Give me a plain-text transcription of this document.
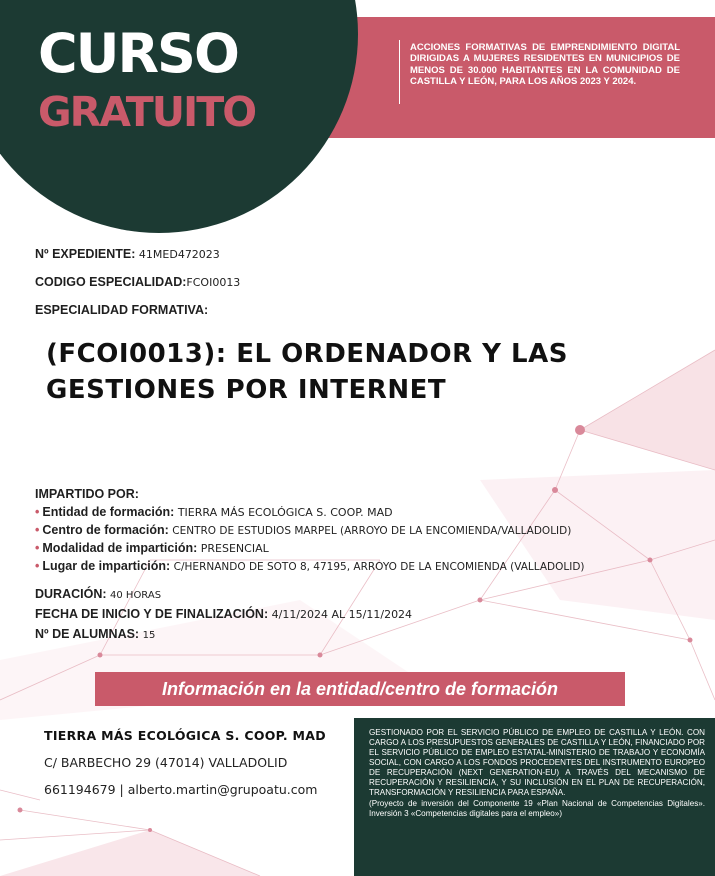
CURSO
GRATUITO
ACCIONES FORMATIVAS DE EMPRENDIMIENTO DIGITAL DIRIGIDAS A MUJERES RESIDENTES EN MUNICIPIOS DE MENOS DE 30.000 HABITANTES EN LA COMUNIDAD DE CASTILLA Y LEÓN, PARA LOS AÑOS 2023 Y 2024.
Nº EXPEDIENTE: 41MED472023
CODIGO ESPECIALIDAD:FCOI0013
ESPECIALIDAD FORMATIVA:
(FCOI0013): EL ORDENADOR Y LAS
GESTIONES POR INTERNET
IMPARTIDO POR:
• Entidad de formación: TIERRA MÁS ECOLÓGICA S. COOP. MAD
• Centro de formación: CENTRO DE ESTUDIOS MARPEL (ARROYO DE LA ENCOMIENDA/VALLADOLID)
• Modalidad de impartición: PRESENCIAL
• Lugar de impartición: C/HERNANDO DE SOTO 8, 47195, ARROYO DE LA ENCOMIENDA (VALLADOLID)
DURACIÓN: 40 HORAS
FECHA DE INICIO Y DE FINALIZACIÓN: 4/11/2024 AL 15/11/2024
Nº DE ALUMNAS: 15
Información en la entidad/centro de formación
TIERRA MÁS ECOLÓGICA S. COOP. MAD
C/ BARBECHO 29 (47014) VALLADOLID
661194679 | alberto.martin@grupoatu.com
GESTIONADO POR EL SERVICIO PÚBLICO DE EMPLEO DE CASTILLA Y LEÓN. CON CARGO A LOS PRESUPUESTOS GENERALES DE CASTILLA Y LEÓN, FINANCIADO POR EL SERVICIO PÚBLICO DE EMPLEO ESTATAL-MINISTERIO DE TRABAJO Y ECONOMÍA SOCIAL, CON CARGO A LOS FONDOS PROCEDENTES DEL INSTRUMENTO EUROPEO DE RECUPERACIÓN (NEXT GENERATION-EU) A TRAVÉS DEL MECANISMO DE RECUPERACIÓN Y RESILIENCIA, Y SU INCLUSIÓN EN EL PLAN DE RECUPERACIÓN, TRANSFORMACIÓN Y RESILIENCIA PARA ESPAÑA.
(Proyecto de inversión del Componente 19 «Plan Nacional de Competencias Digitales». Inversión 3 «Competencias digitales para el empleo»)
